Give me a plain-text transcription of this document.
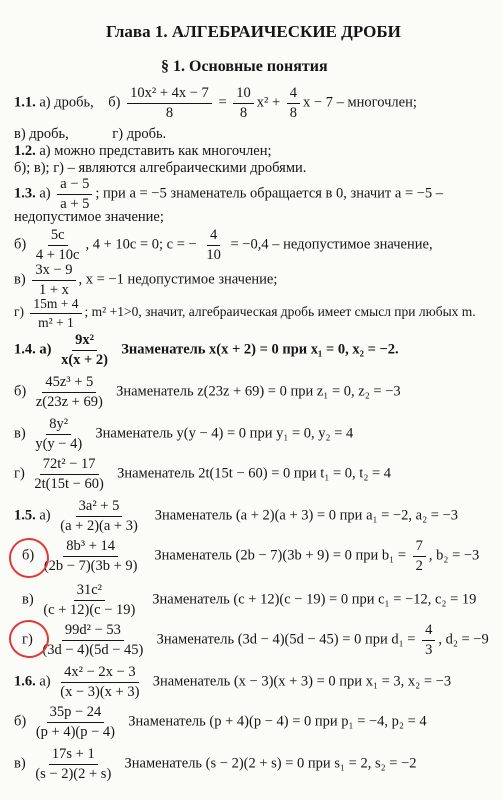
Глава 1. АЛГЕБРАИЧЕСКИЕ ДРОБИ
§ 1. Основные понятия
1.1. а) дробь, $б) \frac{\text{10x² + 4x − 7}}{8} = \frac{10}{8} x^2 + \frac{4}{8}$ x − 7 – многочлен;
в) дробь,            г) дробь.
1.2. а) можно представить как многочлен;
б); в); г) – являются алгебраическими дробями.
1.3. $а) \frac{a - 5}{a + 5}$ ; при a = −5 знаменатель обращается в 0, значит a = −5 –
недопустимое значение;
$б) \frac{5c}{4 + 10c}$ , 4 + 10c = 0; c = − $\frac{4}{10} = -0,4$ – недопустимое значение,
$в) \frac{3x - 9}{1 + x}$ , x = −1 недопустимое значение;
$г) \frac{15m + 4}{\text{m² + 1}}$ ; m² +1>0, значит, алгебраическая дробь имеет смысл при любых m.
1.4. $а) \frac{\text{9x²}}{x(x + 2)}$ Знаменатель x(x + 2) = 0 при x₁ = 0, x₂ = −2.
$б) \frac{\text{45z³ + 5}}{z(23z + 69)}$ Знаменатель z(23z + 69) = 0 при z₁ = 0, z₂ = −3
$в) \frac{\text{8y²}}{y(y - 4)}$ Знаменатель y(y − 4) = 0 при y₁ = 0, y₂ = 4
$г) \frac{\text{72t² − 17}}{2t(15t - 60)}$ Знаменатель 2t(15t − 60) = 0 при t₁ = 0, t₂ = 4
1.5. $а) \frac{\text{3a² + 5}}{(a + 2)(a + 3)}$ Знаменатель (a + 2)(a + 3) = 0 при a₁ = −2, a₂ = −3
$б) \frac{\text{8b³ + 14}}{(2b - 7)(3b + 9)}$ Знаменатель (2b − 7)(3b + 9) = 0 при $b_1 = \frac{7}{2}$ , b₂ = −3
$в) \frac{\text{31c²}}{(c + 12)(c - 19)}$ Знаменатель (c + 12)(c − 19) = 0 при c₁ = −12, c₂ = 19
$г) \frac{\text{99d² − 53}}{(3d - 4)(5d - 45)}$ Знаменатель (3d − 4)(5d − 45) = 0 при $d_1 = \frac{4}{3}$ , d₂ = −9
1.6. $а) \frac{\text{4x² − 2x − 3}}{(x - 3)(x + 3)}$ Знаменатель (x − 3)(x + 3) = 0 при x₁ = 3, x₂ = −3
$б) \frac{35p - 24}{(p + 4)(p - 4)}$ Знаменатель (p + 4)(p − 4) = 0 при p₁ = −4, p₂ = 4
$в) \frac{17s + 1}{(s - 2)(2 + s)}$ Знаменатель (s − 2)(2 + s) = 0 при s₁ = 2, s₂ = −2
